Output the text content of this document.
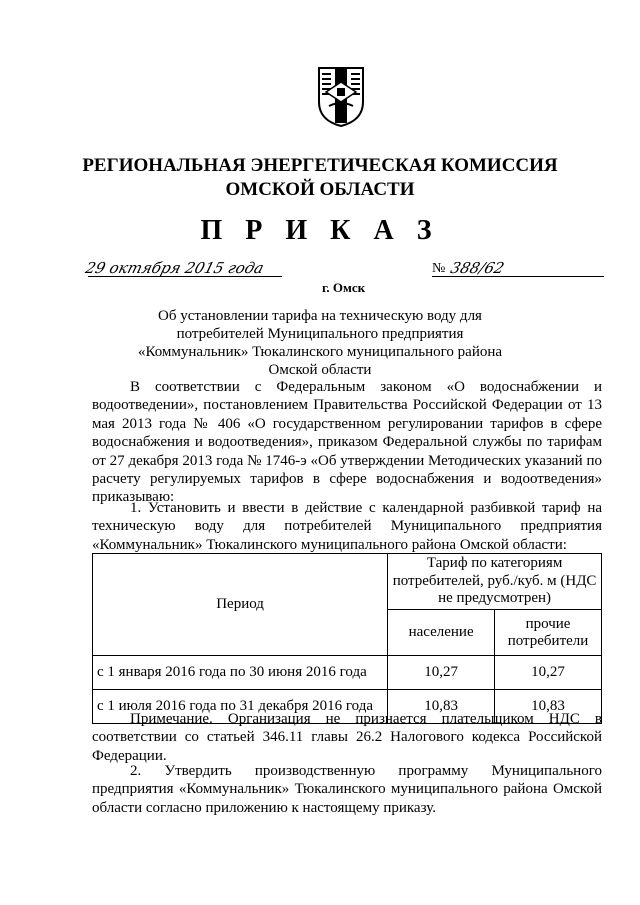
РЕГИОНАЛЬНАЯ ЭНЕРГЕТИЧЕСКАЯ КОМИССИЯ
ОМСКОЙ ОБЛАСТИ
П Р И К А З
29 октября 2015 года
г. Омск
№ 388/62
Об установлении тарифа на техническую воду для потребителей Муниципального предприятия «Коммунальник» Тюкалинского муниципального района Омской области
В соответствии с Федеральным законом «О водоснабжении и водоотведении», постановлением Правительства Российской Федерации от 13 мая 2013 года № 406 «О государственном регулировании тарифов в сфере водоснабжения и водоотведения», приказом Федеральной службы по тарифам от 27 декабря 2013 года № 1746-э «Об утверждении Методических указаний по расчету регулируемых тарифов в сфере водоснабжения и водоотведения» приказываю:
1. Установить и ввести в действие с календарной разбивкой тариф на техническую воду для потребителей Муниципального предприятия «Коммунальник» Тюкалинского муниципального района Омской области:
Период	Тариф по категориям потребителей, руб./куб. м (НДС не предусмотрен)	
	население	прочие потребители
с 1 января 2016 года по 30 июня 2016 года	10,27	10,27
с 1 июля 2016 года по 31 декабря 2016 года	10,83	10,83
Примечание. Организация не признается плательщиком НДС в соответствии со статьей 346.11 главы 26.2 Налогового кодекса Российской Федерации.
2. Утвердить производственную программу Муниципального предприятия «Коммунальник» Тюкалинского муниципального района Омской области согласно приложению к настоящему приказу.
